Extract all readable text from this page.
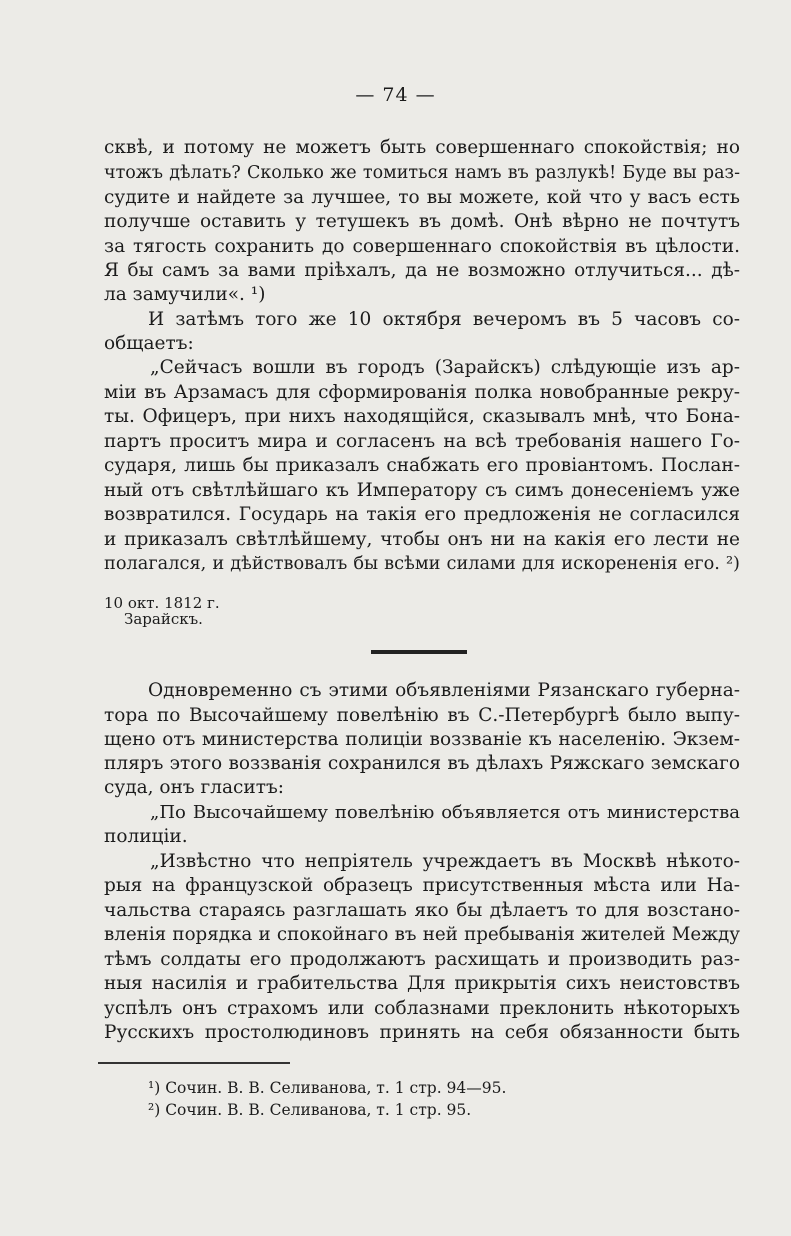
— 74 —
сквѣ, и потому не можетъ быть совершеннаго спокойствія; но
чтожъ дѣлать? Сколько же томиться намъ въ разлукѣ! Буде вы раз-
судите и найдете за лучшее, то вы можете, кой что у васъ есть
получше оставить у тетушекъ въ домѣ. Онѣ вѣрно не почтутъ
за тягость сохранить до совершеннаго спокойствія въ цѣлости.
Я бы самъ за вами пріѣхалъ, да не возможно отлучиться... дѣ-
ла замучили«. ¹)
И затѣмъ того же 10 октября вечеромъ въ 5 часовъ со-
общаетъ:
„Сейчасъ вошли въ городъ (Зарайскъ) слѣдующіе изъ ар-
міи въ Арзамасъ для сформированія полка новобранные рекру-
ты. Офицеръ, при нихъ находящійся, сказывалъ мнѣ, что Бона-
партъ проситъ мира и согласенъ на всѣ требованія нашего Го-
сударя, лишь бы приказалъ снабжать его провіантомъ. Послан-
ный отъ свѣтлѣйшаго къ Императору съ симъ донесеніемъ уже
возвратился. Государь на такія его предложенія не согласился
и приказалъ свѣтлѣйшему, чтобы онъ ни на какія его лести не
полагался, и дѣйствовалъ бы всѣми силами для искорененія его. ²)
10 окт. 1812 г.
Зарайскъ.
Одновременно съ этими объявленіями Рязанскаго губерна-
тора по Высочайшему повелѣнію въ С.-Петербургѣ было выпу-
щено отъ министерства полиціи воззваніе къ населенію. Экзем-
пляръ этого воззванія сохранился въ дѣлахъ Ряжскаго земскаго
суда, онъ гласитъ:
„По Высочайшему повелѣнію объявляется отъ министерства
полиціи.
„Извѣстно что непріятель учреждаетъ въ Москвѣ нѣкото-
рыя на французской образецъ присутственныя мѣста или На-
чальства стараясь разглашать яко бы дѣлаетъ то для возстано-
вленія порядка и спокойнаго въ ней пребыванія жителей Между
тѣмъ солдаты его продолжаютъ расхищать и производить раз-
ныя насилія и грабительства Для прикрытія сихъ неистовствъ
успѣлъ онъ страхомъ или соблазнами преклонить нѣкоторыхъ
Русскихъ простолюдиновъ принять на себя обязанности быть
¹) Сочин. В. В. Селиванова, т. 1 стр. 94—95.
²) Сочин. В. В. Селиванова, т. 1 стр. 95.
